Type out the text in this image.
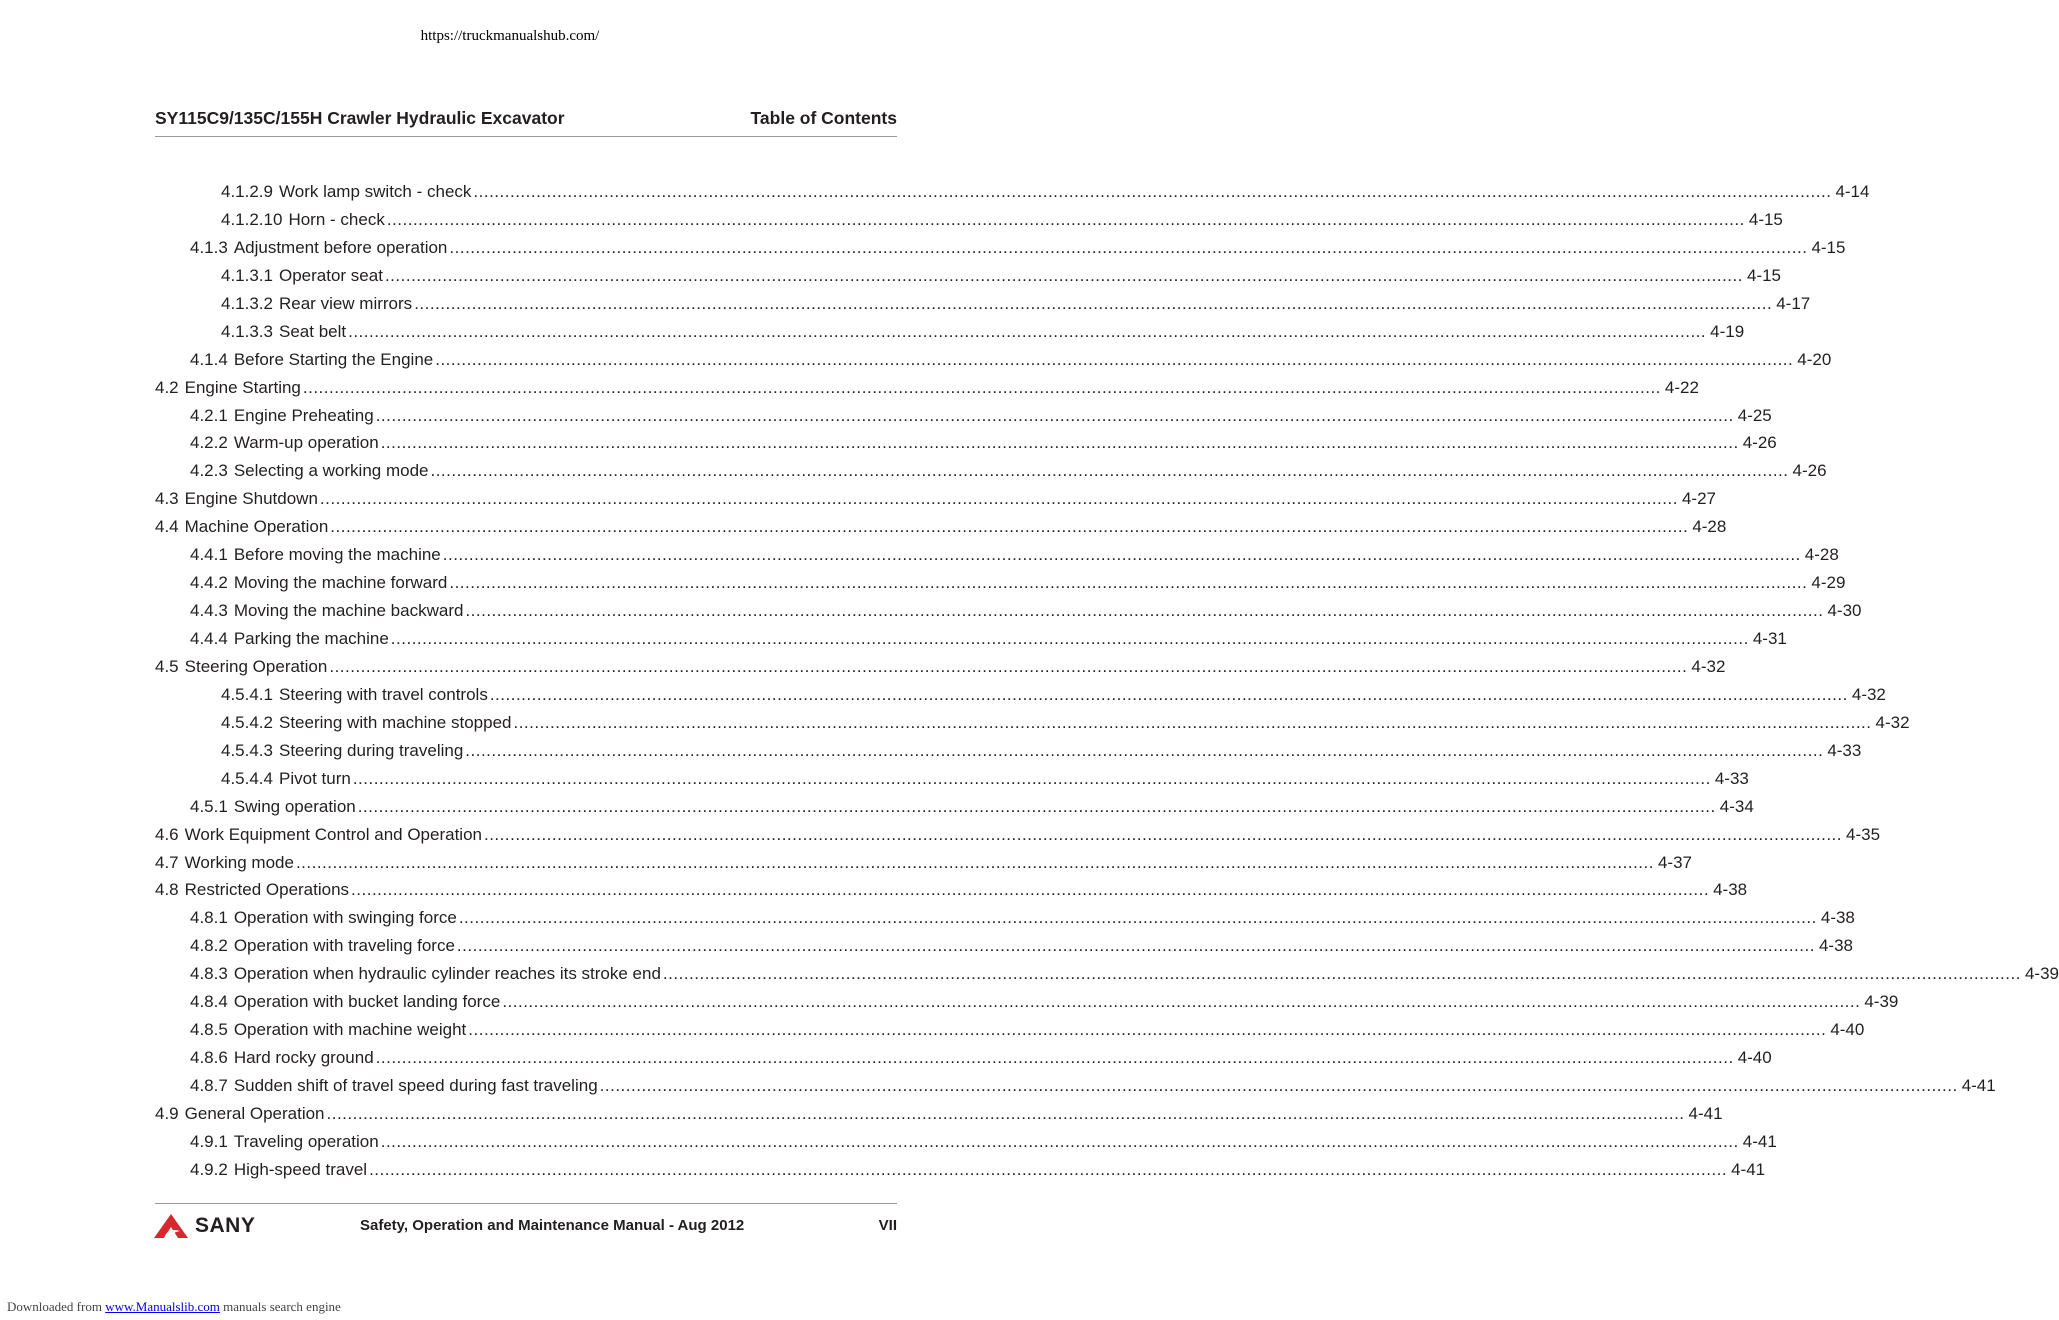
https://truckmanualshub.com/
SY115C9/135C/155H Crawler Hydraulic Excavator	Table of Contents
4.1.2.9 Work lamp switch - check .................................................................................................................................................................................................................................................................... 4-14
4.1.2.10 Horn - check .................................................................................................................................................................................................................................................................... 4-15
4.1.3 Adjustment before operation .................................................................................................................................................................................................................................................................... 4-15
4.1.3.1 Operator seat .................................................................................................................................................................................................................................................................... 4-15
4.1.3.2 Rear view mirrors .................................................................................................................................................................................................................................................................... 4-17
4.1.3.3 Seat belt .................................................................................................................................................................................................................................................................... 4-19
4.1.4 Before Starting the Engine .................................................................................................................................................................................................................................................................... 4-20
4.2 Engine Starting .................................................................................................................................................................................................................................................................... 4-22
4.2.1 Engine Preheating .................................................................................................................................................................................................................................................................... 4-25
4.2.2 Warm-up operation .................................................................................................................................................................................................................................................................... 4-26
4.2.3 Selecting a working mode .................................................................................................................................................................................................................................................................... 4-26
4.3 Engine Shutdown .................................................................................................................................................................................................................................................................... 4-27
4.4 Machine Operation .................................................................................................................................................................................................................................................................... 4-28
4.4.1 Before moving the machine .................................................................................................................................................................................................................................................................... 4-28
4.4.2 Moving the machine forward .................................................................................................................................................................................................................................................................... 4-29
4.4.3 Moving the machine backward .................................................................................................................................................................................................................................................................... 4-30
4.4.4 Parking the machine .................................................................................................................................................................................................................................................................... 4-31
4.5 Steering Operation .................................................................................................................................................................................................................................................................... 4-32
4.5.4.1 Steering with travel controls .................................................................................................................................................................................................................................................................... 4-32
4.5.4.2 Steering with machine stopped .................................................................................................................................................................................................................................................................... 4-32
4.5.4.3 Steering during traveling .................................................................................................................................................................................................................................................................... 4-33
4.5.4.4 Pivot turn .................................................................................................................................................................................................................................................................... 4-33
4.5.1 Swing operation .................................................................................................................................................................................................................................................................... 4-34
4.6 Work Equipment Control and Operation .................................................................................................................................................................................................................................................................... 4-35
4.7 Working mode .................................................................................................................................................................................................................................................................... 4-37
4.8 Restricted Operations .................................................................................................................................................................................................................................................................... 4-38
4.8.1 Operation with swinging force .................................................................................................................................................................................................................................................................... 4-38
4.8.2 Operation with traveling force .................................................................................................................................................................................................................................................................... 4-38
4.8.3 Operation when hydraulic cylinder reaches its stroke end .................................................................................................................................................................................................................................................................... 4-39
4.8.4 Operation with bucket landing force .................................................................................................................................................................................................................................................................... 4-39
4.8.5 Operation with machine weight .................................................................................................................................................................................................................................................................... 4-40
4.8.6 Hard rocky ground .................................................................................................................................................................................................................................................................... 4-40
4.8.7 Sudden shift of travel speed during fast traveling .................................................................................................................................................................................................................................................................... 4-41
4.9 General Operation .................................................................................................................................................................................................................................................................... 4-41
4.9.1 Traveling operation .................................................................................................................................................................................................................................................................... 4-41
4.9.2 High-speed travel .................................................................................................................................................................................................................................................................... 4-41
SANY	Safety, Operation and Maintenance Manual - Aug 2012	VII
Downloaded from www.Manualslib.com manuals search engine
